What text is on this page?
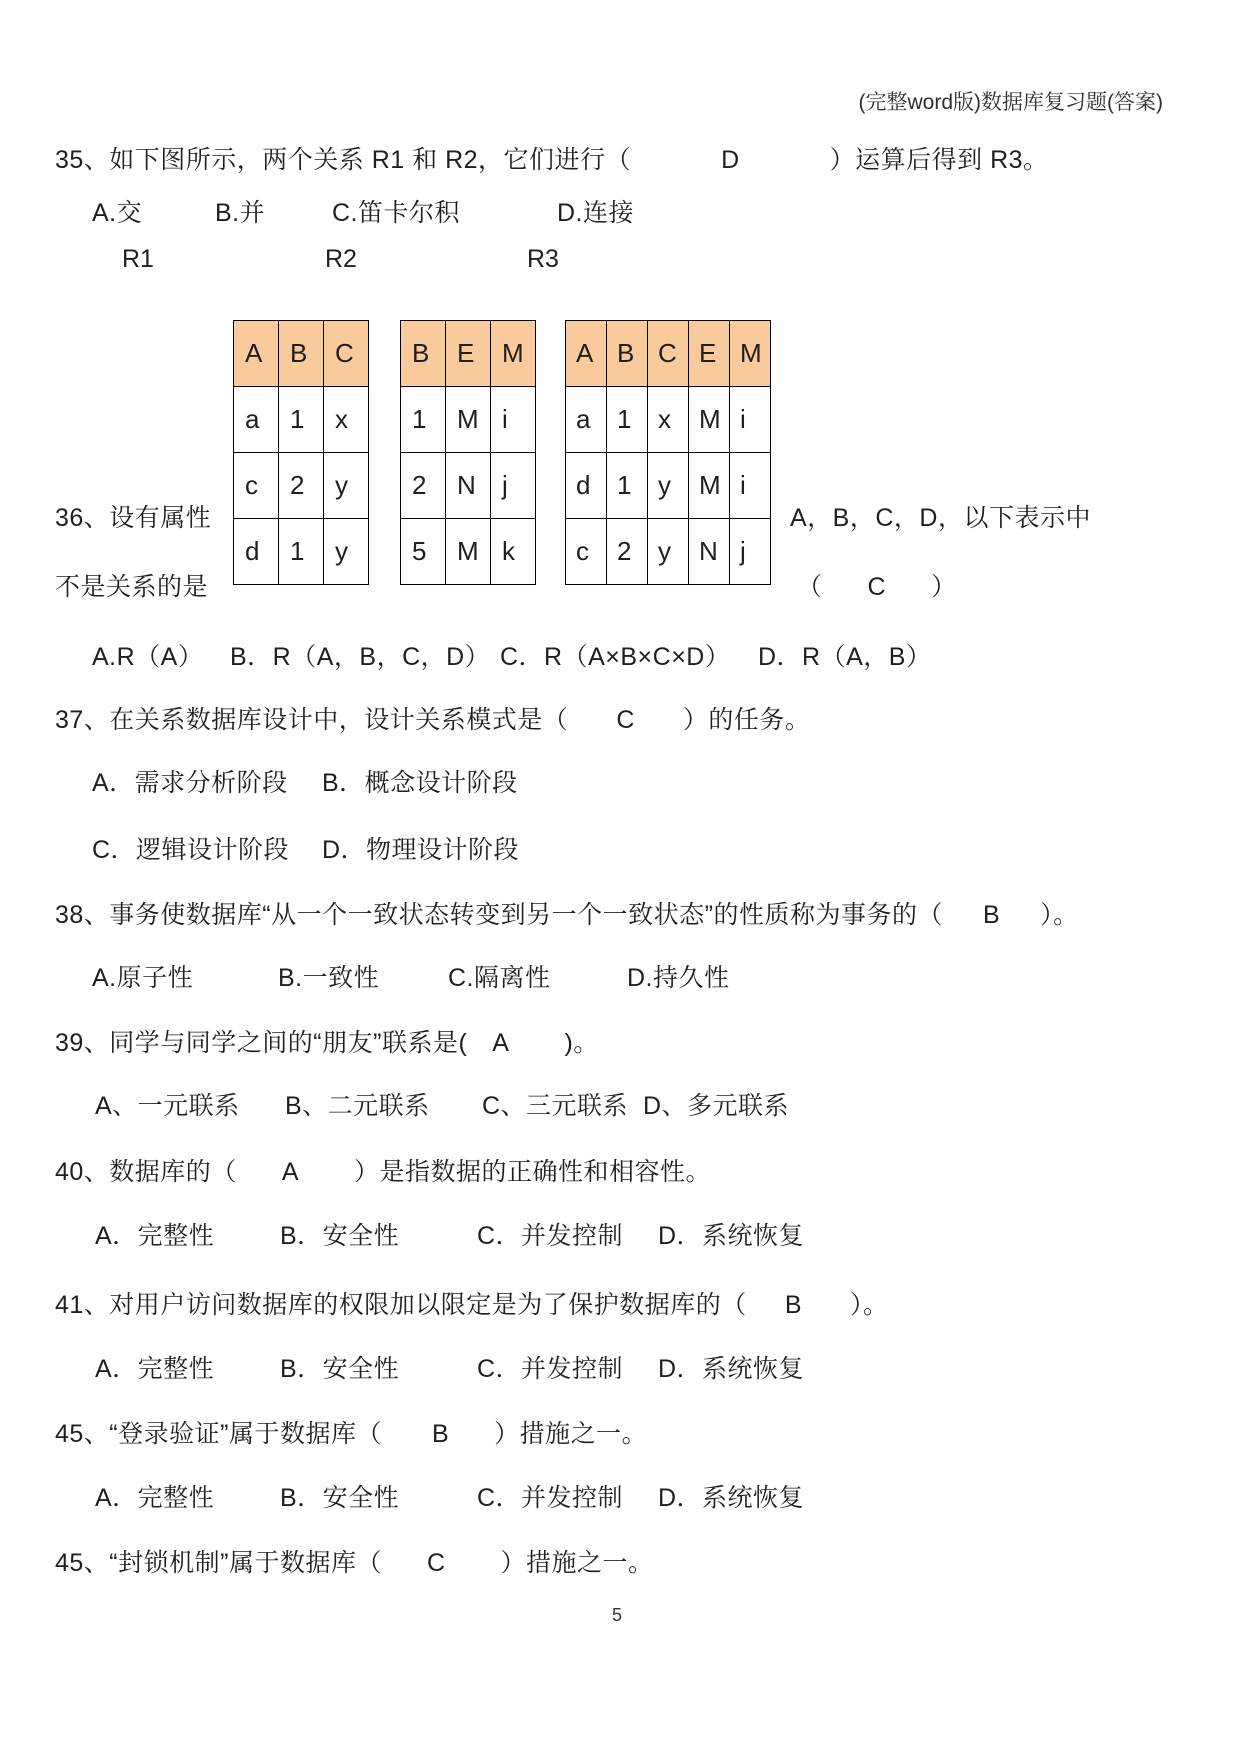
(完整word版)数据库复习题(答案)
35、如下图所示，两个关系 R1 和 R2，它们进行（	D	）运算后得到 R3。
A.交	B.并	C.笛卡尔积	D.连接
R1	R2	R3
A	B	C
a	1	x
c	2	y
d	1	y
B	E	M
1	M	i
2	N	j
5	M	k
A	B	C	E	M
a	1	x	M	i
d	1	y	M	i
c	2	y	N	j
36、设有属性	A，B，C，D，以下表示中
不是关系的是	（ C ）
A.R（A） B．R（A，B，C，D） C．R（A×B×C×D） D．R（A，B）
37、在关系数据库设计中，设计关系模式是（ C ）的任务。
A．需求分析阶段 B．概念设计阶段
C．逻辑设计阶段 D．物理设计阶段
38、事务使数据库“从一个一致状态转变到另一个一致状态”的性质称为事务的（ B ）。
A.原子性	B.一致性	C.隔离性	D.持久性
39、同学与同学之间的“朋友”联系是( A )。
A、一元联系 B、二元联系 C、三元联系 D、多元联系
40、数据库的（ A ）是指数据的正确性和相容性。
A．完整性	B．安全性	C．并发控制 D．系统恢复
41、对用户访问数据库的权限加以限定是为了保护数据库的（ B ）。
A．完整性	B．安全性	C．并发控制 D．系统恢复
45、“登录验证”属于数据库（ B ）措施之一。
A．完整性	B．安全性	C．并发控制 D．系统恢复
45、“封锁机制”属于数据库（ C ）措施之一。
5
